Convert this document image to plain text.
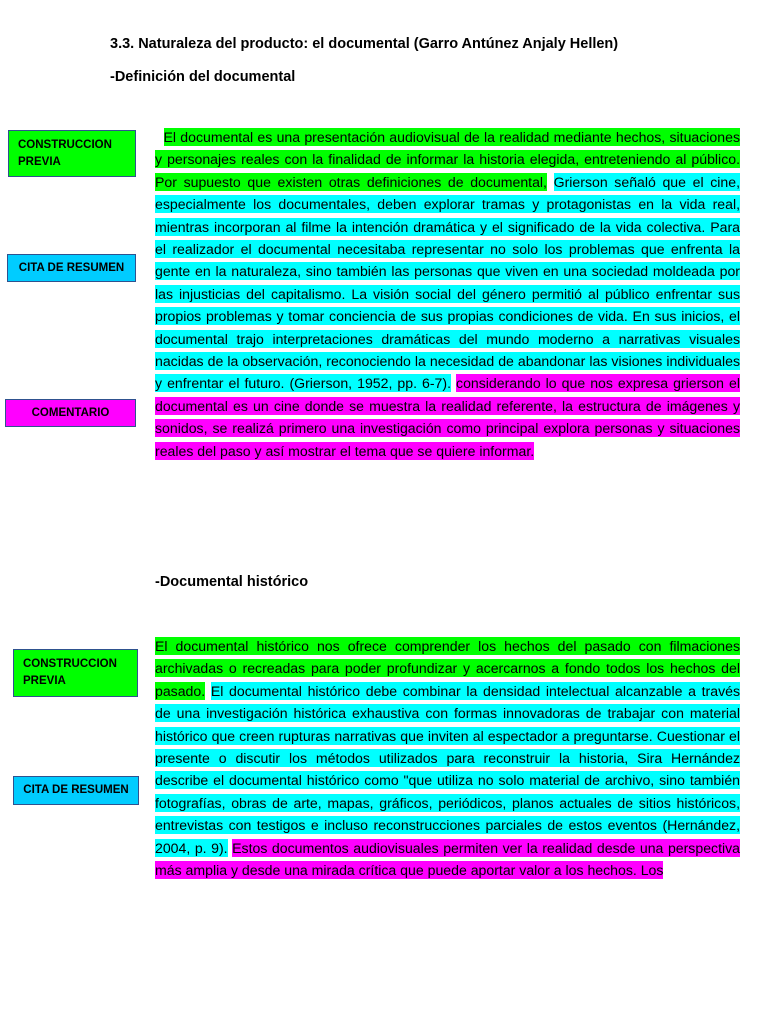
3.3. Naturaleza del producto: el documental (Garro Antúnez Anjaly Hellen)
-Definición del documental
-Documental histórico
CONSTRUCCION PREVIA
CITA DE RESUMEN
COMENTARIO
CONSTRUCCION PREVIA
CITA DE RESUMEN
El documental es una presentación audiovisual de la realidad mediante hechos, situaciones y personajes reales con la finalidad de informar la historia elegida, entreteniendo al público. Por supuesto que existen otras definiciones de documental, Grierson señaló que el cine, especialmente los documentales, deben explorar tramas y protagonistas en la vida real, mientras incorporan al filme la intención dramática y el significado de la vida colectiva. Para el realizador el documental necesitaba representar no solo los problemas que enfrenta la gente en la naturaleza, sino también las personas que viven en una sociedad moldeada por las injusticias del capitalismo. La visión social del género permitió al público enfrentar sus propios problemas y tomar conciencia de sus propias condiciones de vida. En sus inicios, el documental trajo interpretaciones dramáticas del mundo moderno a narrativas visuales nacidas de la observación, reconociendo la necesidad de abandonar las visiones individuales y enfrentar el futuro. (Grierson, 1952, pp. 6-7). considerando lo que nos expresa grierson el documental es un cine donde se muestra la realidad referente, la estructura de imágenes y sonidos, se realizá primero una investigación como principal explora personas y situaciones reales del paso y así mostrar el tema que se quiere informar.
El documental histórico nos ofrece comprender los hechos del pasado con filmaciones archivadas o recreadas para poder profundizar y acercarnos a fondo todos los hechos del pasado. El documental histórico debe combinar la densidad intelectual alcanzable a través de una investigación histórica exhaustiva con formas innovadoras de trabajar con material histórico que creen rupturas narrativas que inviten al espectador a preguntarse. Cuestionar el presente o discutir los métodos utilizados para reconstruir la historia, Sira Hernández describe el documental histórico como "que utiliza no solo material de archivo, sino también fotografías, obras de arte, mapas, gráficos, periódicos, planos actuales de sitios históricos, entrevistas con testigos e incluso reconstrucciones parciales de estos eventos (Hernández, 2004, p. 9). Estos documentos audiovisuales permiten ver la realidad desde una perspectiva más amplia y desde una mirada crítica que puede aportar valor a los hechos. Los
